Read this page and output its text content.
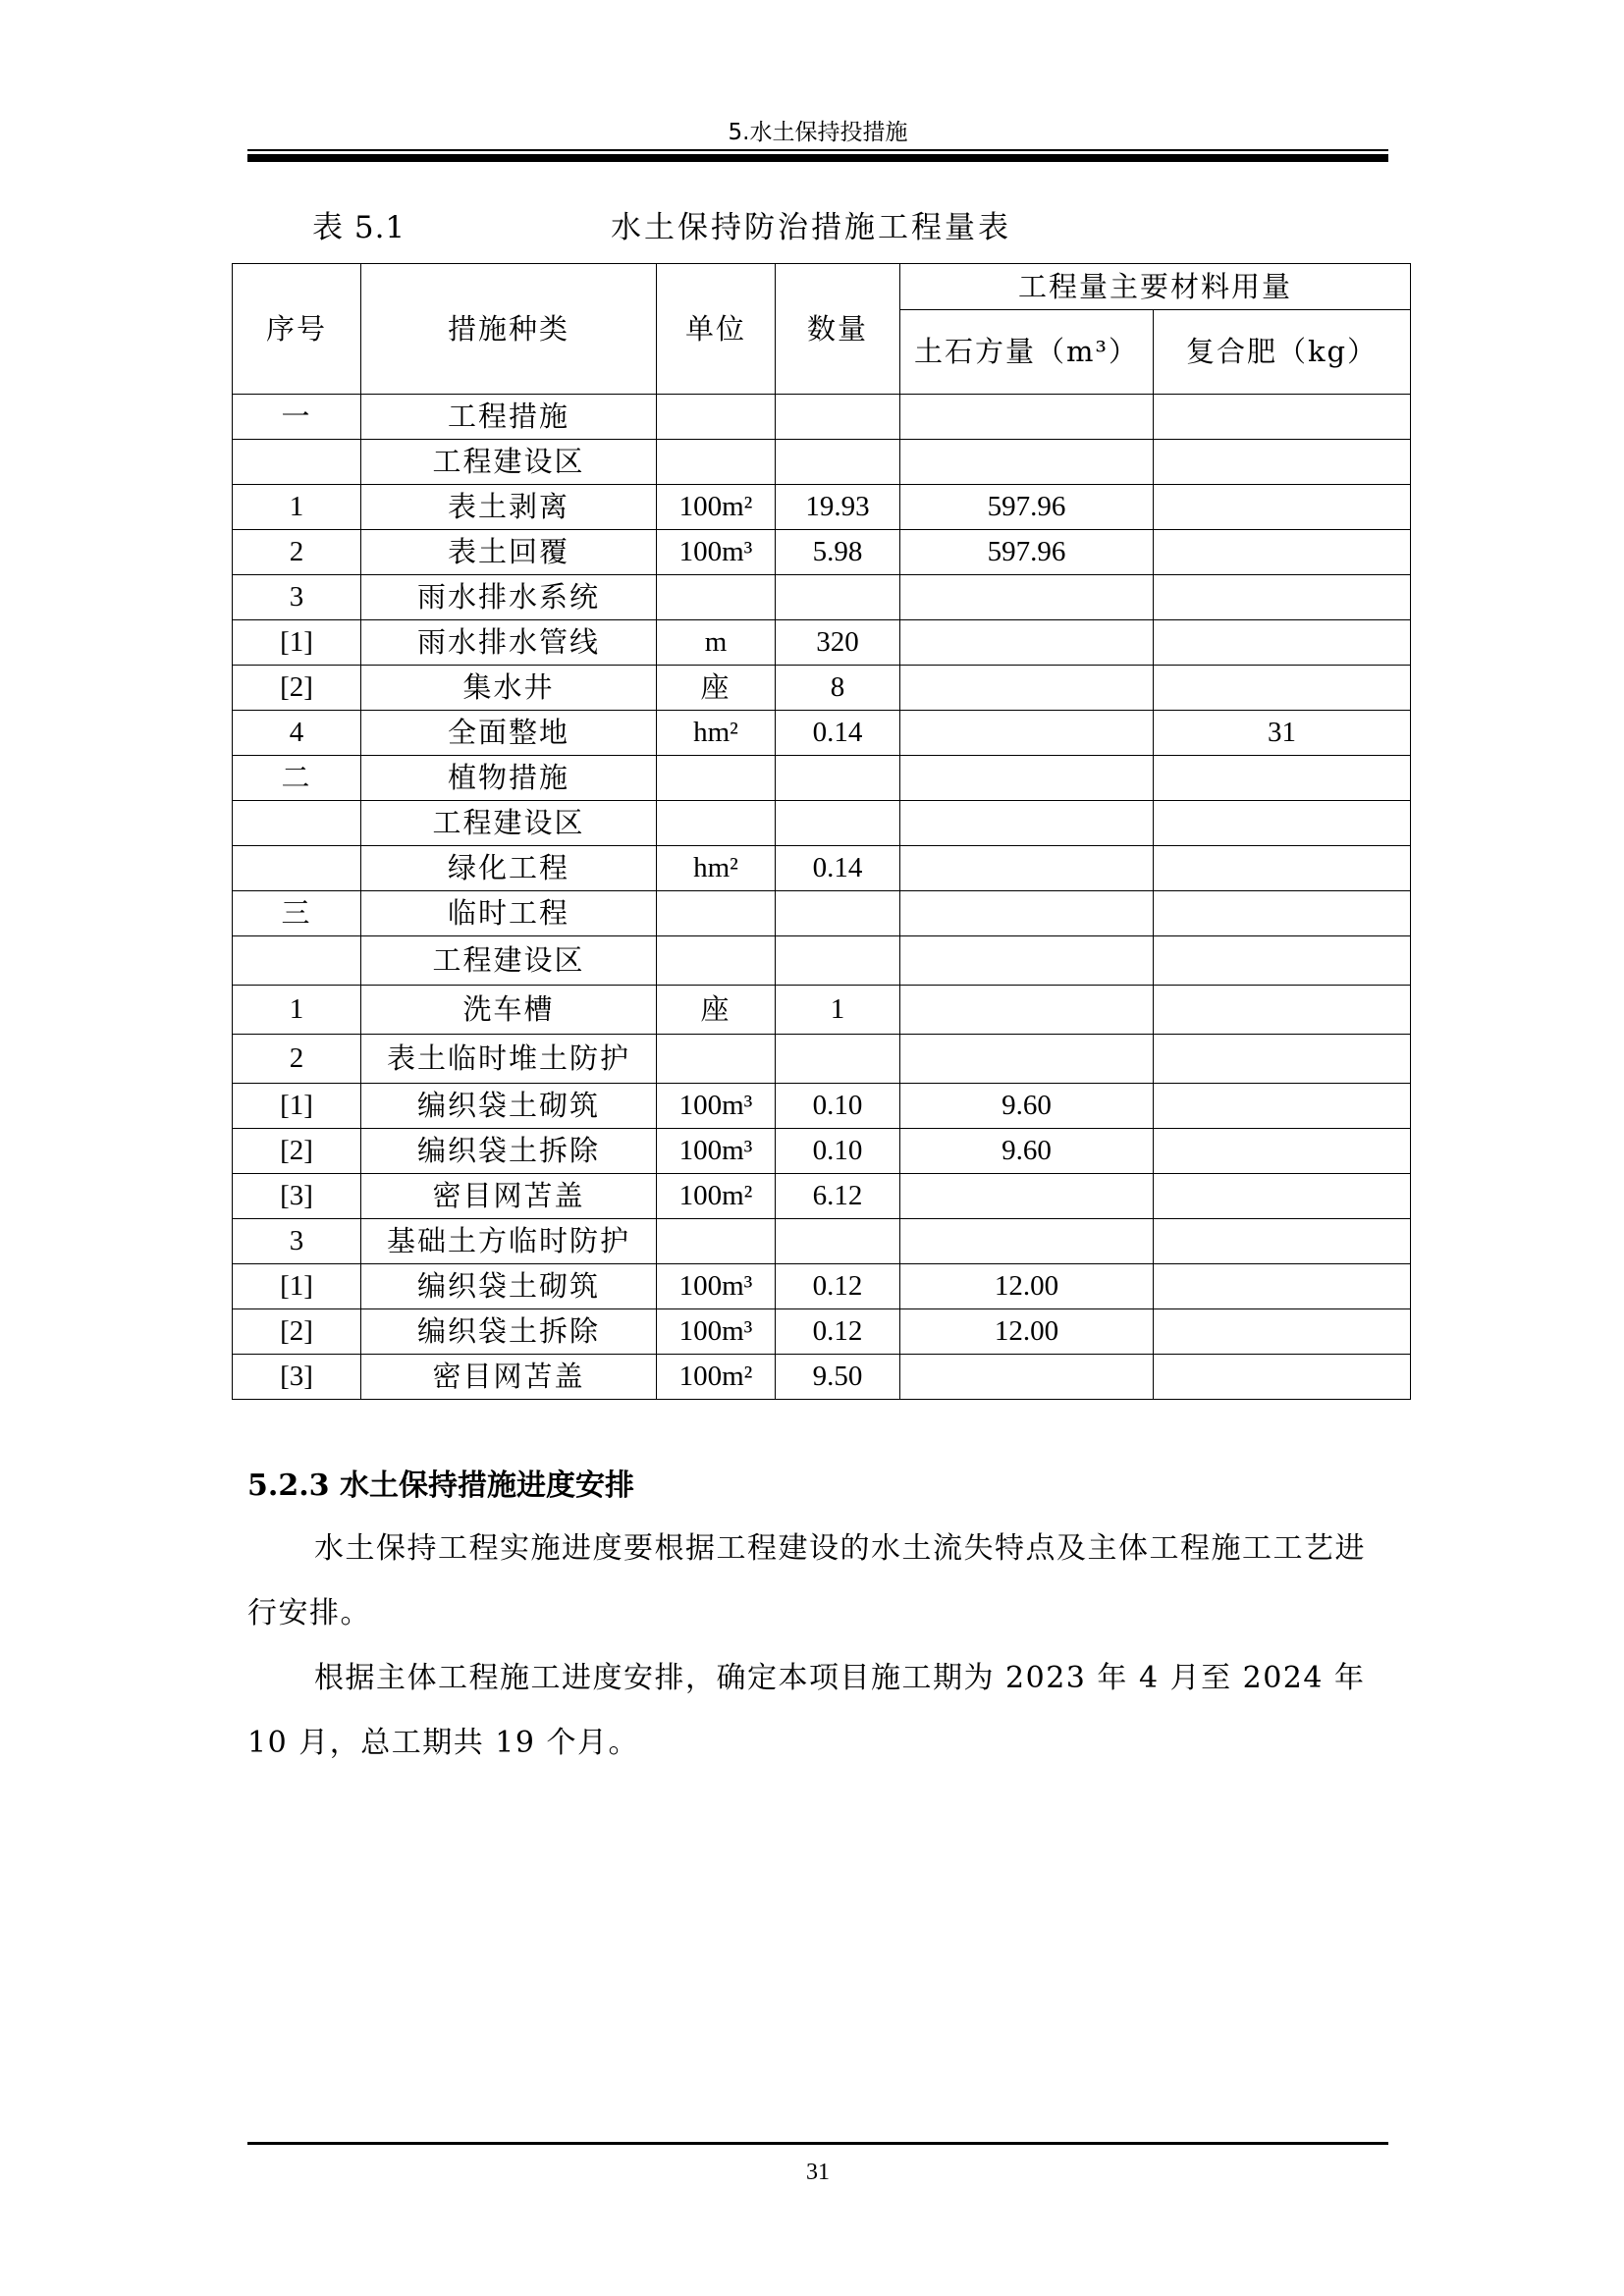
5.水土保持投措施
表 5.1	水土保持防治措施工程量表
序号	措施种类	单位	数量	工程量主要材料用量	
				土石方量（m³）	复合肥（kg）
一	工程措施				
	工程建设区				
1	表土剥离	100m²	19.93	597.96	
2	表土回覆	100m³	5.98	597.96	
3	雨水排水系统				
[1]	雨水排水管线	m	320		
[2]	集水井	座	8		
4	全面整地	hm²	0.14		31
二	植物措施				
	工程建设区				
	绿化工程	hm²	0.14		
三	临时工程				
	工程建设区				
1	洗车槽	座	1		
2	表土临时堆土防护				
[1]	编织袋土砌筑	100m³	0.10	9.60	
[2]	编织袋土拆除	100m³	0.10	9.60	
[3]	密目网苫盖	100m²	6.12		
3	基础土方临时防护				
[1]	编织袋土砌筑	100m³	0.12	12.00	
[2]	编织袋土拆除	100m³	0.12	12.00	
[3]	密目网苫盖	100m²	9.50		
5.2.3 水土保持措施进度安排

水土保持工程实施进度要根据工程建设的水土流失特点及主体工程施工工艺进行安排。

根据主体工程施工进度安排，确定本项目施工期为 2023 年 4 月至 2024 年 10 月，总工期共 19 个月。

31
